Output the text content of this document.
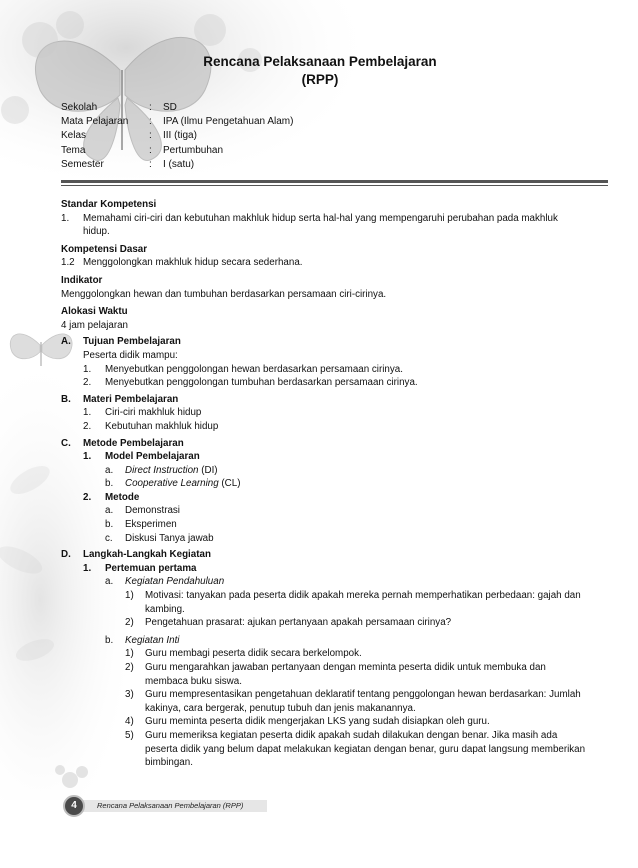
Rencana Pelaksanaan Pembelajaran
(RPP)
Sekolah	:	SD
Mata Pelajaran	:	IPA (Ilmu Pengetahuan Alam)
Kelas	:	III (tiga)
Tema	:	Pertumbuhan
Semester	:	I (satu)
Standar Kompetensi
1.	Memahami ciri-ciri dan kebutuhan makhluk hidup serta hal-hal yang mempengaruhi perubahan pada makhluk hidup.
Kompetensi Dasar
1.2 Menggolongkan makhluk hidup secara sederhana.
Indikator
Menggolongkan hewan dan tumbuhan berdasarkan persamaan ciri-cirinya.
Alokasi Waktu
4 jam pelajaran
A.	Tujuan Pembelajaran
Peserta didik mampu:
1.	Menyebutkan penggolongan hewan berdasarkan persamaan cirinya.
2.	Menyebutkan penggolongan tumbuhan berdasarkan persamaan cirinya.
B.	Materi Pembelajaran
1.	Ciri-ciri makhluk hidup
2.	Kebutuhan makhluk hidup
C.	Metode Pembelajaran
1.	Model Pembelajaran
a.	Direct Instruction (DI)
b.	Cooperative Learning (CL)
2.	Metode
a.	Demonstrasi
b.	Eksperimen
c.	Diskusi Tanya jawab
D.	Langkah-Langkah Kegiatan
1.	Pertemuan pertama
a.	Kegiatan Pendahuluan
1)	Motivasi: tanyakan pada peserta didik apakah mereka pernah memperhatikan perbedaan: gajah dan kambing.
2)	Pengetahuan prasarat: ajukan pertanyaan apakah persamaan cirinya?
b.	Kegiatan Inti
1)	Guru membagi peserta didik secara berkelompok.
2)	Guru mengarahkan jawaban pertanyaan dengan meminta peserta didik untuk membuka dan membaca buku siswa.
3)	Guru mempresentasikan pengetahuan deklaratif tentang penggolongan hewan berdasarkan: Jumlah kakinya, cara bergerak, penutup tubuh dan jenis makanannya.
4)	Guru meminta peserta didik mengerjakan LKS yang sudah disiapkan oleh guru.
5)	Guru memeriksa kegiatan peserta didik apakah sudah dilakukan dengan benar. Jika masih ada peserta didik yang belum dapat melakukan kegiatan dengan benar, guru dapat langsung memberikan bimbingan.
4	Rencana Pelaksanaan Pembelajaran (RPP)
